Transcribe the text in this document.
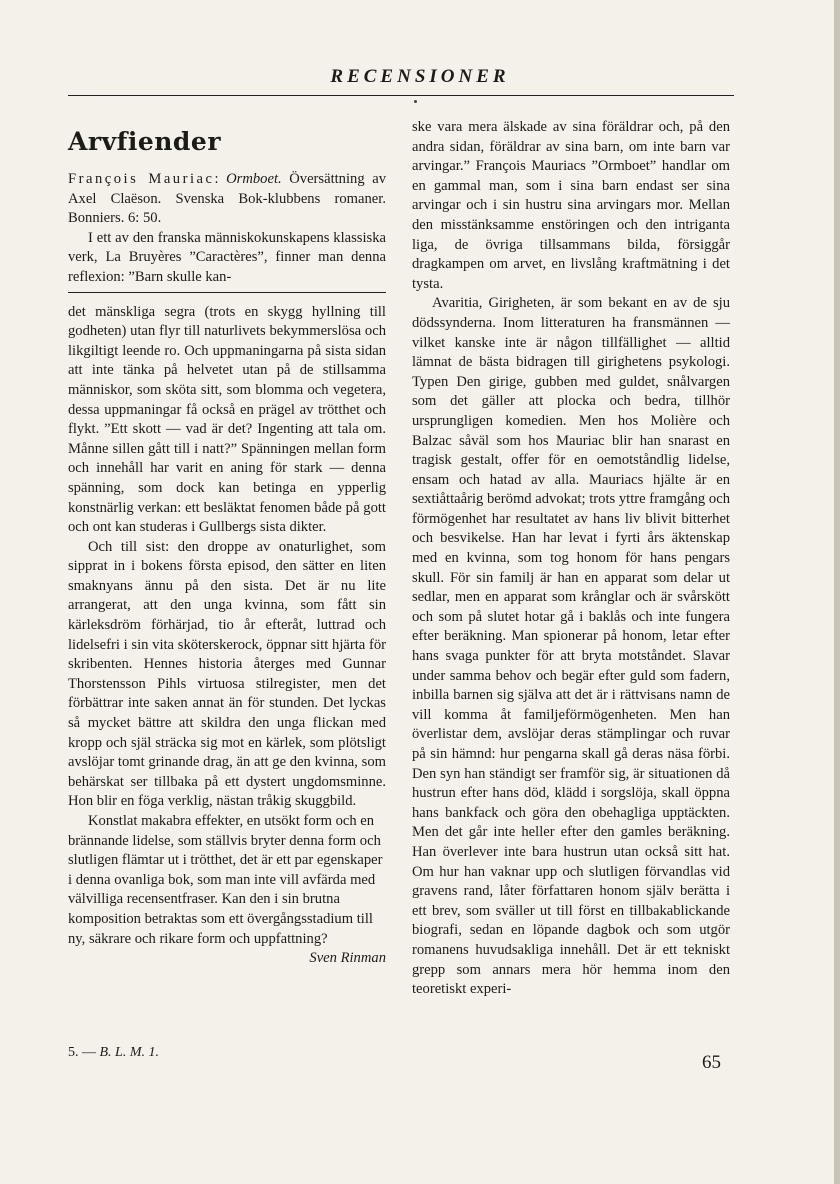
RECENSIONER
Arvfiender

François Mauriac: Ormboet. Översättning av Axel Claëson. Svenska Bok-klubbens romaner. Bonniers. 6: 50.

I ett av den franska människokunskapens klassiska verk, La Bruyères ”Caractères”, finner man denna reflexion: ”Barn skulle kan-

det mänskliga segra (trots en skygg hyllning till godheten) utan flyr till naturlivets bekymmerslösa och likgiltigt leende ro. Och uppmaningarna på sista sidan att inte tänka på helvetet utan på de stillsamma människor, som sköta sitt, som blomma och vegetera, dessa uppmaningar få också en prägel av trötthet och flykt. ”Ett skott — vad är det? Ingenting att tala om. Månne sillen gått till i natt?” Spänningen mellan form och innehåll har varit en aning för stark — denna spänning, som dock kan betinga en ypperlig konstnärlig verkan: ett besläktat fenomen både på gott och ont kan studeras i Gullbergs sista dikter.

Och till sist: den droppe av onaturlighet, som sipprat in i bokens första episod, den sätter en liten smaknyans ännu på den sista. Det är nu lite arrangerat, att den unga kvinna, som fått sin kärleksdröm förhärjad, tio år efteråt, luttrad och lidelsefri i sin vita sköterskerock, öppnar sitt hjärta för skribenten. Hennes historia återges med Gunnar Thorstensson Pihls virtuosa stilregister, men det förbättrar inte saken annat än för stunden. Det lyckas så mycket bättre att skildra den unga flickan med kropp och själ sträcka sig mot en kärlek, som plötsligt avslöjar tomt grinande drag, än att ge den kvinna, som behärskat ser tillbaka på ett dystert ungdomsminne. Hon blir en föga verklig, nästan tråkig skuggbild.

Konstlat makabra effekter, en utsökt form och en brännande lidelse, som ställvis bryter denna form och slutligen flämtar ut i trötthet, det är ett par egenskaper i denna ovanliga bok, som man inte vill avfärda med välvilliga recensentfraser. Kan den i sin brutna komposition betraktas som ett övergångsstadium till ny, säkrare och rikare form och uppfattning?
Sven Rinman

ske vara mera älskade av sina föräldrar och, på den andra sidan, föräldrar av sina barn, om inte barn var arvingar.” François Mauriacs ”Ormboet” handlar om en gammal man, som i sina barn endast ser sina arvingar och i sin hustru sina arvingars mor. Mellan den misstänksamme enstöringen och den intriganta liga, de övriga tillsammans bilda, försiggår dragkampen om arvet, en livslång kraftmätning i det tysta.

Avaritia, Girigheten, är som bekant en av de sju dödssynderna. Inom litteraturen ha fransmännen — vilket kanske inte är någon tillfällighet — alltid lämnat de bästa bidragen till girighetens psykologi. Typen Den girige, gubben med guldet, snålvargen som det gäller att plocka och bedra, tillhör ursprungligen komedien. Men hos Molière och Balzac såväl som hos Mauriac blir han snarast en tragisk gestalt, offer för en oemotståndlig lidelse, ensam och hatad av alla. Mauriacs hjälte är en sextiåttaårig berömd advokat; trots yttre framgång och förmögenhet har resultatet av hans liv blivit bitterhet och besvikelse. Han har levat i fyrti års äktenskap med en kvinna, som tog honom för hans pengars skull. För sin familj är han en apparat som delar ut sedlar, men en apparat som krånglar och är svårskött och som på slutet hotar gå i baklås och inte fungera efter beräkning. Man spionerar på honom, letar efter hans svaga punkter för att bryta motståndet. Slavar under samma behov och begär efter guld som fadern, inbilla barnen sig själva att det är i rättvisans namn de vill komma åt familjeförmögenheten. Men han överlistar dem, avslöjar deras stämplingar och ruvar på sin hämnd: hur pengarna skall gå deras näsa förbi. Den syn han ständigt ser framför sig, är situationen då hustrun efter hans död, klädd i sorgslöja, skall öppna hans bankfack och göra den obehagliga upptäckten. Men det går inte heller efter den gamles beräkning. Han överlever inte bara hustrun utan också sitt hat. Om hur han vaknar upp och slutligen förvandlas vid gravens rand, låter författaren honom själv berätta i ett brev, som sväller ut till först en tillbakablickande biografi, sedan en löpande dagbok och som utgör romanens huvudsakliga innehåll. Det är ett tekniskt grepp som annars mera hör hemma inom den teoretiskt experi-

5. — B. L. M. 1.	65
